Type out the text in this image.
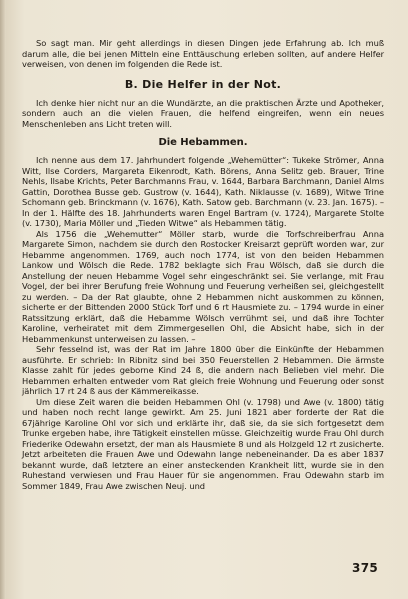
So sagt man. Mir geht allerdings in diesen Dingen jede Erfahrung ab. Ich muß darum alle, die bei jenen Mitteln eine Enttäuschung erleben sollten, auf andere Helfer verweisen, von denen im folgenden die Rede ist.

B. Die Helfer in der Not.

Ich denke hier nicht nur an die Wundärzte, an die praktischen Ärzte und Apotheker, sondern auch an die vielen Frauen, die helfend eingreifen, wenn ein neues Menschenleben ans Licht treten will.

Die Hebammen.

Ich nenne aus dem 17. Jahrhundert folgende „Wehemütter“: Tukeke Strömer, Anna Witt, Ilse Corders, Margareta Eikenrodt, Kath. Börens, Anna Selitz geb. Brauer, Trine Nehls, Ilsabe Krichts, Peter Barchmanns Frau, v. 1644, Barbara Barchmann, Daniel Alms Gattin, Dorothea Busse geb. Gustrow (v. 1644), Kath. Niklausse (v. 1689), Witwe Trine Schomann geb. Brinckmann (v. 1676), Kath. Satow geb. Barchmann (v. 23. Jan. 1675). – In der 1. Hälfte des 18. Jahrhunderts waren Engel Bartram (v. 1724), Margarete Stolte (v. 1730), Maria Möller und „Tieden Witwe“ als Hebammen tätig.

Als 1756 die „Wehemutter“ Möller starb, wurde die Torfschreiberfrau Anna Margarete Simon, nachdem sie durch den Rostocker Kreisarzt geprüft worden war, zur Hebamme angenommen. 1769, auch noch 1774, ist von den beiden Hebammen Lankow und Wölsch die Rede. 1782 beklagte sich Frau Wölsch, daß sie durch die Anstellung der neuen Hebamme Vogel sehr eingeschränkt sei. Sie verlange, mit Frau Vogel, der bei ihrer Berufung freie Wohnung und Feuerung verheißen sei, gleichgestellt zu werden. – Da der Rat glaubte, ohne 2 Hebammen nicht auskommen zu können, sicherte er der Bittenden 2000 Stück Torf und 6 rt Hausmiete zu. – 1794 wurde in einer Ratssitzung erklärt, daß die Hebamme Wölsch verrühmt sei, und daß ihre Tochter Karoline, verheiratet mit dem Zimmergesellen Ohl, die Absicht habe, sich in der Hebammenkunst unterweisen zu lassen. –

Sehr fesselnd ist, was der Rat im Jahre 1800 über die Einkünfte der Hebammen ausführte. Er schrieb: In Ribnitz sind bei 350 Feuerstellen 2 Hebammen. Die ärmste Klasse zahlt für jedes geborne Kind 24 ß, die andern nach Belieben viel mehr. Die Hebammen erhalten entweder vom Rat gleich freie Wohnung und Feuerung oder sonst jährlich 17 rt 24 ß aus der Kämmereikasse.

Um diese Zeit waren die beiden Hebammen Ohl (v. 1798) und Awe (v. 1800) tätig und haben noch recht lange gewirkt. Am 25. Juni 1821 aber forderte der Rat die 67jährige Karoline Ohl vor sich und erklärte ihr, daß sie, da sie sich fortgesetzt dem Trunke ergeben habe, ihre Tätigkeit einstellen müsse. Gleichzeitig wurde Frau Ohl durch Friederike Odewahn ersetzt, der man als Hausmiete 8 und als Holzgeld 12 rt zusicherte. Jetzt arbeiteten die Frauen Awe und Odewahn lange nebeneinander. Da es aber 1837 bekannt wurde, daß letztere an einer ansteckenden Krankheit litt, wurde sie in den Ruhestand verwiesen und Frau Hauer für sie angenommen. Frau Odewahn starb im Sommer 1849, Frau Awe zwischen Neuj. und

375
